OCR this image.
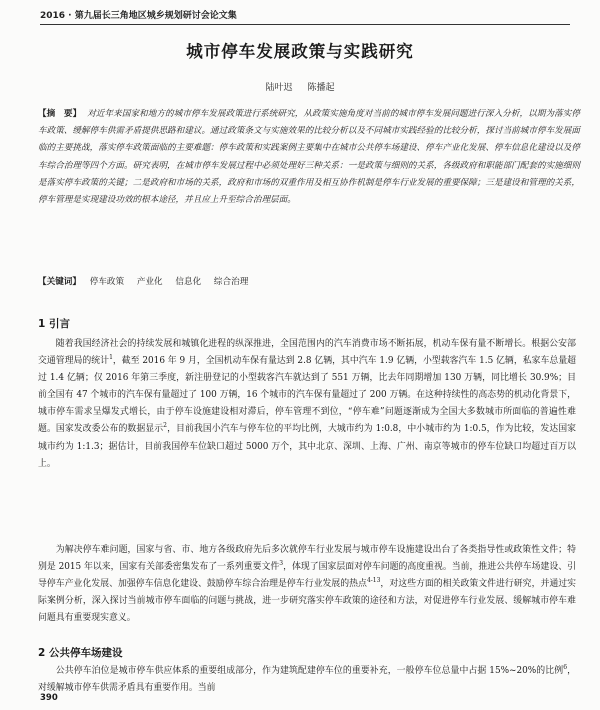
2016 · 第九届长三角地区城乡规划研讨会论文集
城市停车发展政策与实践研究
陆叶迟 陈播起
【摘　要】 对近年来国家和地方的城市停车发展政策进行系统研究，从政策实施角度对当前的城市停车发展问题进行深入分析，以期为落实停车政策、缓解停车供需矛盾提供思路和建议。通过政策条文与实施效果的比较分析以及不同城市实践经验的比较分析，探讨当前城市停车发展面临的主要挑战，落实停车政策面临的主要难题：停车政策和实践案例主要集中在城市公共停车场建设、停车产业化发展、停车信息化建设以及停车综合治理等四个方面。研究表明，在城市停车发展过程中必须处理好三种关系：一是政策与细则的关系，各级政府和职能部门配套的实施细则是落实停车政策的关键；二是政府和市场的关系，政府和市场的双重作用及相互协作机制是停车行业发展的重要保障；三是建设和管理的关系，停车管理是实现建设功效的根本途径，并且应上升至综合治理层面。
【关键词】 停车政策 产业化 信息化 综合治理
1 引言
随着我国经济社会的持续发展和城镇化进程的纵深推进，全国范围内的汽车消费市场不断拓展，机动车保有量不断增长。根据公安部交通管理局的统计$^1$，截至 2016 年 9 月，全国机动车保有量达到 2.8 亿辆，其中汽车 1.9 亿辆，小型载客汽车 1.5 亿辆，私家车总量超过 1.4 亿辆；仅 2016 年第三季度，新注册登记的小型载客汽车就达到了 551 万辆，比去年同期增加 130 万辆，同比增长 30.9%；目前全国有 47 个城市的汽车保有量超过了 100 万辆，16 个城市的汽车保有量超过了 200 万辆。在这种持续性的高态势的机动化背景下，城市停车需求呈爆发式增长，由于停车设施建设相对滞后，停车管理不到位，“停车难”问题逐渐成为全国大多数城市所面临的普遍性难题。国家发改委公布的数据显示$^2$，目前我国小汽车与停车位的平均比例，大城市约为 1:0.8，中小城市约为 1:0.5，作为比较，发达国家城市约为 1:1.3；据估计，目前我国停车位缺口超过 5000 万个，其中北京、深圳、上海、广州、南京等城市的停车位缺口均超过百万以上。
为解决停车难问题，国家与省、市、地方各级政府先后多次就停车行业发展与城市停车设施建设出台了各类指导性或政策性文件；特别是 2015 年以来，国家有关部委密集发布了一系列重要文件$^3$，体现了国家层面对停车问题的高度重视。当前，推进公共停车场建设、引导停车产业化发展、加强停车信息化建设、鼓励停车综合治理是停车行业发展的热点$^{4-13}$，对这些方面的相关政策文件进行研究，并通过实际案例分析，深入探讨当前城市停车面临的问题与挑战，进一步研究落实停车政策的途径和方法，对促进停车行业发展、缓解城市停车难问题具有重要现实意义。
2 公共停车场建设
公共停车泊位是城市停车供应体系的重要组成部分，作为建筑配建停车位的重要补充，一般停车位总量中占据 15%~20%的比例$^6$，对缓解城市停车供需矛盾具有重要作用。当前
390
